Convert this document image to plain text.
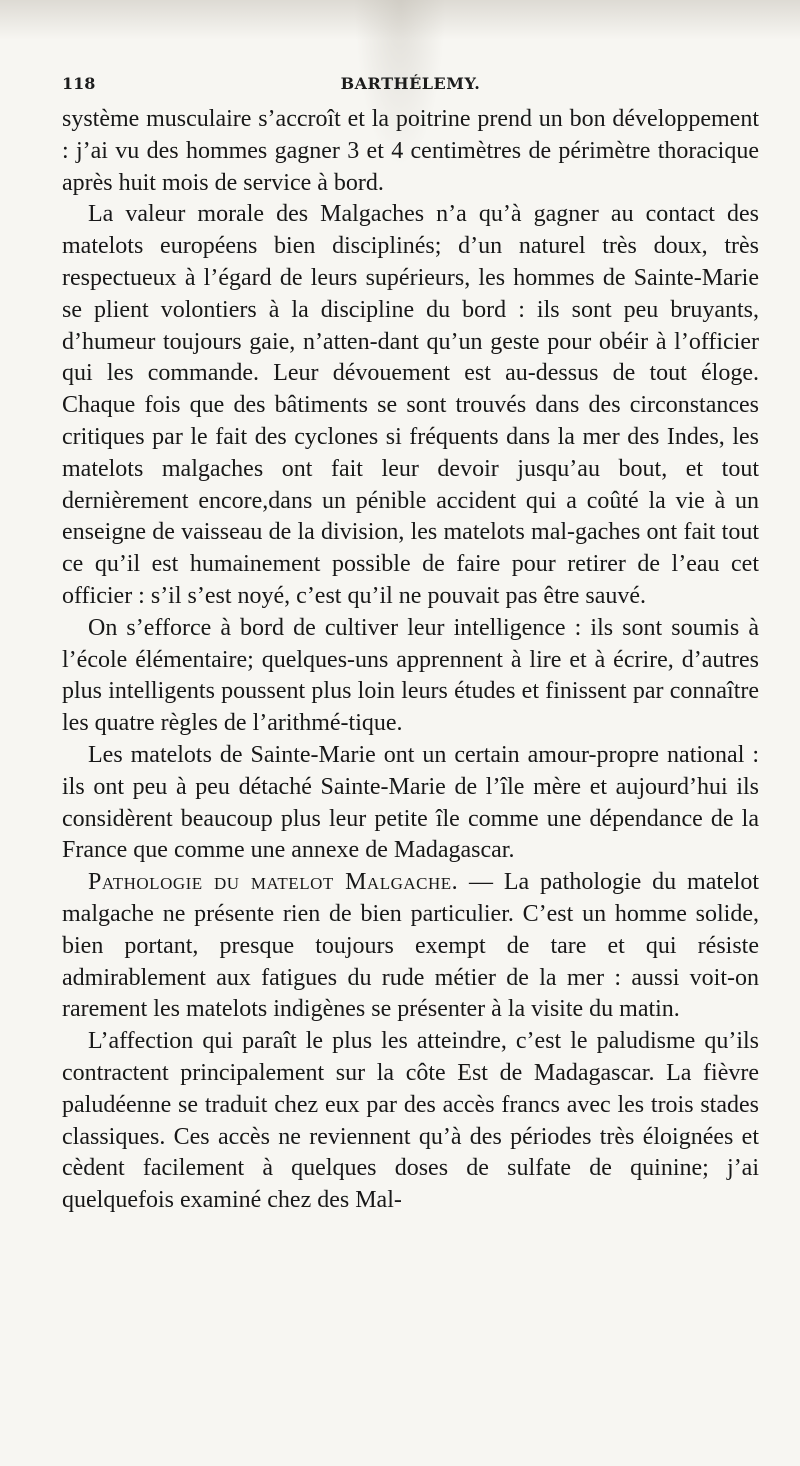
118	BARTHÉLEMY.

système musculaire s’accroît et la poitrine prend un bon développement : j’ai vu des hommes gagner 3 et 4 centimètres de périmètre thoracique après huit mois de service à bord.

La valeur morale des Malgaches n’a qu’à gagner au contact des matelots européens bien disciplinés; d’un naturel très doux, très respectueux à l’égard de leurs supérieurs, les hommes de Sainte-Marie se plient volontiers à la discipline du bord : ils sont peu bruyants, d’humeur toujours gaie, n’atten-dant qu’un geste pour obéir à l’officier qui les commande. Leur dévouement est au-dessus de tout éloge. Chaque fois que des bâtiments se sont trouvés dans des circonstances critiques par le fait des cyclones si fréquents dans la mer des Indes, les matelots malgaches ont fait leur devoir jusqu’au bout, et tout dernièrement encore,dans un pénible accident qui a coûté la vie à un enseigne de vaisseau de la division, les matelots mal-gaches ont fait tout ce qu’il est humainement possible de faire pour retirer de l’eau cet officier : s’il s’est noyé, c’est qu’il ne pouvait pas être sauvé.

On s’efforce à bord de cultiver leur intelligence : ils sont soumis à l’école élémentaire; quelques-uns apprennent à lire et à écrire, d’autres plus intelligents poussent plus loin leurs études et finissent par connaître les quatre règles de l’arithmé-tique.

Les matelots de Sainte-Marie ont un certain amour-propre national : ils ont peu à peu détaché Sainte-Marie de l’île mère et aujourd’hui ils considèrent beaucoup plus leur petite île comme une dépendance de la France que comme une annexe de Madagascar.

Pathologie du matelot Malgache. — La pathologie du matelot malgache ne présente rien de bien particulier. C’est un homme solide, bien portant, presque toujours exempt de tare et qui résiste admirablement aux fatigues du rude métier de la mer : aussi voit-on rarement les matelots indigènes se présenter à la visite du matin.

L’affection qui paraît le plus les atteindre, c’est le paludisme qu’ils contractent principalement sur la côte Est de Madagascar. La fièvre paludéenne se traduit chez eux par des accès francs avec les trois stades classiques. Ces accès ne reviennent qu’à des périodes très éloignées et cèdent facilement à quelques doses de sulfate de quinine; j’ai quelquefois examiné chez des Mal-
